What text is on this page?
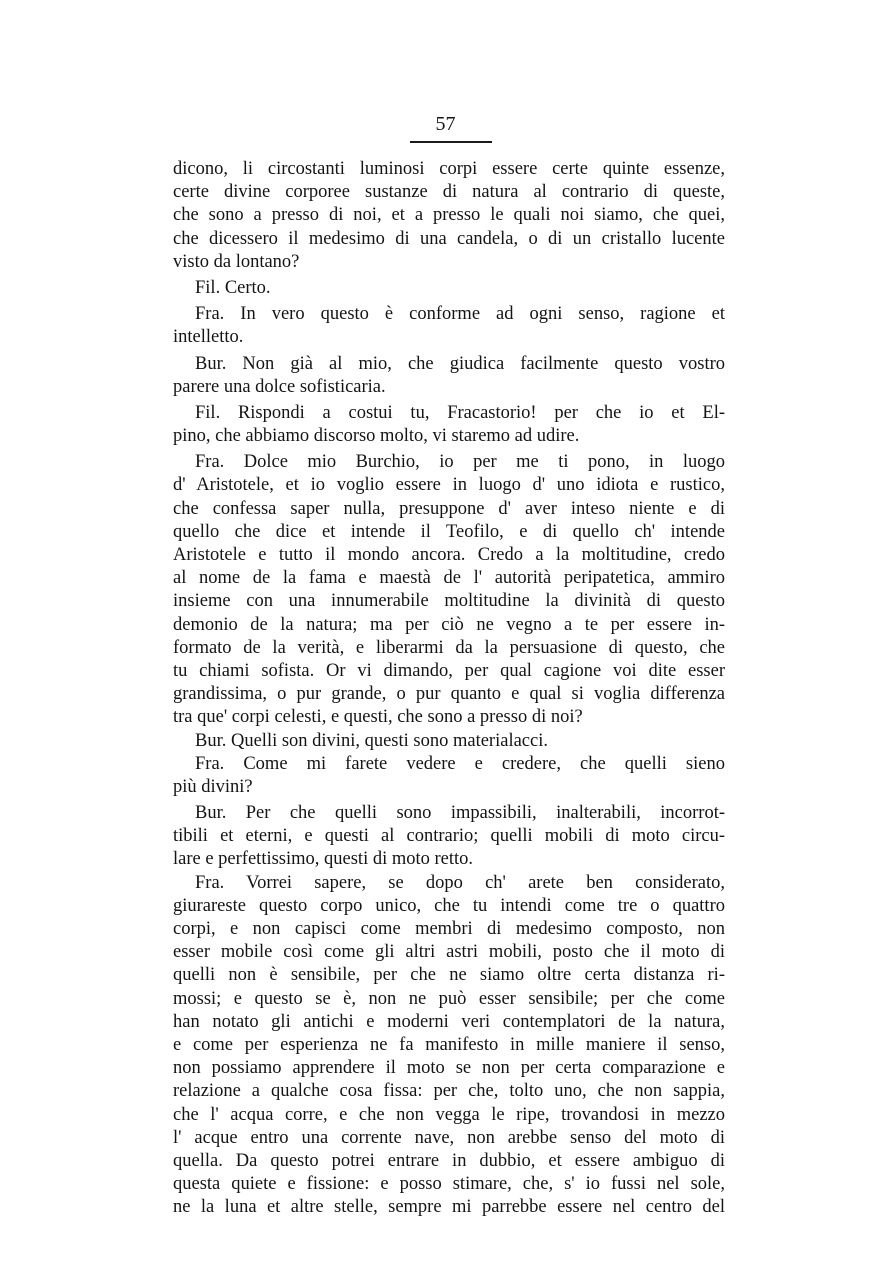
57
dicono, li circostanti luminosi corpi essere certe quinte essenze,
certe divine corporee sustanze di natura al contrario di queste,
che sono a presso di noi, et a presso le quali noi siamo, che quei,
che dicessero il medesimo di una candela, o di un cristallo lucente
visto da lontano?
Fil. Certo.
Fra. In vero questo è conforme ad ogni senso, ragione et
intelletto.
Bur. Non già al mio, che giudica facilmente questo vostro
parere una dolce sofisticaria.
Fil. Rispondi a costui tu, Fracastorio! per che io et El-
pino, che abbiamo discorso molto, vi staremo ad udire.
Fra. Dolce mio Burchio, io per me ti pono, in luogo
d' Aristotele, et io voglio essere in luogo d' uno idiota e rustico,
che confessa saper nulla, presuppone d' aver inteso niente e di
quello che dice et intende il Teofilo, e di quello ch' intende
Aristotele e tutto il mondo ancora. Credo a la moltitudine, credo
al nome de la fama e maestà de l' autorità peripatetica, ammiro
insieme con una innumerabile moltitudine la divinità di questo
demonio de la natura; ma per ciò ne vegno a te per essere in-
formato de la verità, e liberarmi da la persuasione di questo, che
tu chiami sofista. Or vi dimando, per qual cagione voi dite esser
grandissima, o pur grande, o pur quanto e qual si voglia differenza
tra que' corpi celesti, e questi, che sono a presso di noi?
Bur. Quelli son divini, questi sono materialacci.
Fra. Come mi farete vedere e credere, che quelli sieno
più divini?
Bur. Per che quelli sono impassibili, inalterabili, incorrot-
tibili et eterni, e questi al contrario; quelli mobili di moto circu-
lare e perfettissimo, questi di moto retto.
Fra. Vorrei sapere, se dopo ch' arete ben considerato,
giurareste questo corpo unico, che tu intendi come tre o quattro
corpi, e non capisci come membri di medesimo composto, non
esser mobile così come gli altri astri mobili, posto che il moto di
quelli non è sensibile, per che ne siamo oltre certa distanza ri-
mossi; e questo se è, non ne può esser sensibile; per che come
han notato gli antichi e moderni veri contemplatori de la natura,
e come per esperienza ne fa manifesto in mille maniere il senso,
non possiamo apprendere il moto se non per certa comparazione e
relazione a qualche cosa fissa: per che, tolto uno, che non sappia,
che l' acqua corre, e che non vegga le ripe, trovandosi in mezzo
l' acque entro una corrente nave, non arebbe senso del moto di
quella. Da questo potrei entrare in dubbio, et essere ambiguo di
questa quiete e fissione: e posso stimare, che, s' io fussi nel sole,
ne la luna et altre stelle, sempre mi parrebbe essere nel centro del
